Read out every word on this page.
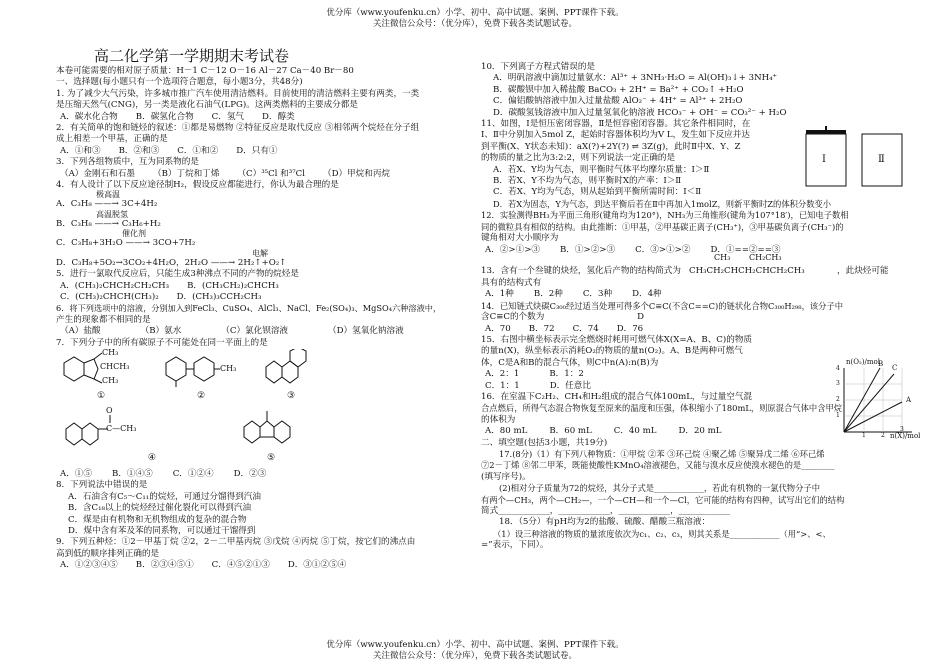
优分库（www.youfenku.cn）小学、初中、高中试题、案例、PPT课件下载。
关注微信公众号：（优分库），免费下载各类试题试卷。

高二化学第一学期期末考试卷

本卷可能需要的相对原子质量：H－1 C－12 O－16 Al－27 Ca－40 Br－80

一、选择题(每小题只有一个选项符合题意，每小题3分，共48分)

1. 为了减少大气污染，许多城市推广汽车使用清洁燃料。目前使用的清洁燃料主要有两类，一类

是压缩天然气(CNG)，另一类是液化石油气(LPG)。这两类燃料的主要成分都是

A．碳水化合物 B．碳氢化合物 C．氢气 D．醇类

2．有关简单的饱和链烃的叙述：①都是易燃物 ②特征反应是取代反应 ③相邻两个烷烃在分子组

成上相差一个甲基，正确的是

A．①和③ B．②和③ C．①和② D．只有①

3．下列各组物质中，互为同系物的是

（A）金刚石和石墨 （B）丁烷和丁烯 （C）³⁵Cl 和³⁷Cl （D）甲烷和丙烷

4．有人设计了以下反应途径制H₂，假设反应都能进行，你认为最合理的是

极高温

A．C₃H₈ ——→ 3C+4H₂

高温脱氢

B．C₃H₈ ——→ C₃H₆+H₂

催化剂

C．C₃H₈+3H₂O ——→ 3CO+7H₂

电解

D．C₃H₈+5O₂→3CO₂+4H₂O，2H₂O ——→ 2H₂↑+O₂↑

5．进行一氯取代反应后，只能生成3种沸点不同的产物的烷烃是

A．(CH₃)₂CHCH₂CH₂CH₃ B．(CH₃CH₂)₂CHCH₃

C．(CH₃)₂CHCH(CH₃)₂ D．(CH₃)₃CCH₂CH₃

6．将下列选项中的溶液，分别加入到FeCl₃、CuSO₄、AlCl₃、NaCl、Fe₂(SO₄)₃、MgSO₄六种溶液中，

产生的现象都不相同的是

（A）盐酸	（B）氨水	（C）氯化钡溶液	（D）氢氧化钠溶液

7．下列分子中的所有碳原子不可能处在同一平面上的是

CH₃
CHCH₃
CH₃
①
CH₃
②	③
O
C—CH₃
④	⑤

A．①⑤ B．①④⑤ C．①②④ D．②③

8．下列说法中错误的是

A．石油含有C₅～C₁₁的烷烃，可通过分馏得到汽油

B．含C₁₈以上的烷烃经过催化裂化可以得到汽油

C．煤是由有机物和无机物组成的复杂的混合物

D．煤中含有苯及苯的同系物，可以通过干馏得到

9．下列五种烃：①2－甲基丁烷 ②2，2－二甲基丙烷 ③戊烷 ④丙烷 ⑤丁烷，按它们的沸点由

高到低的顺序排列正确的是

A．①②③④⑤ B．②③④⑤① C．④⑤②①③ D．③①②⑤④

10．下列离子方程式错误的是

A．明矾溶液中滴加过量氨水：Al³⁺ + 3NH₃·H₂O = Al(OH)₃↓+ 3NH₄⁺

B．碳酸钡中加入稀盐酸 BaCO₃ + 2H⁺ = Ba²⁺ + CO₂↑ +H₂O

C．偏铝酸钠溶液中加入过量盐酸 AlO₂⁻ + 4H⁺ = Al³⁺ + 2H₂O

D．碳酸氢钱溶液中加入过量氢氧化钠溶液 HCO₃⁻ + OH⁻ = CO₃²⁻ + H₂O

11、如图，Ⅰ是恒压密闭容器，Ⅱ是恒容密闭容器。其它条件相同时，在

Ⅰ、Ⅱ中分别加入5mol Z，起始时容器体积均为V L，发生如下反应并达

到平衡(X、Y状态未知)：aX(?)+2Y(?) ⇌ 3Z(g)，此时Ⅱ中X、Y、Z

的物质的量之比为3:2:2，则下列说法一定正确的是

A．若X、Y均为气态，则平衡时气体平均摩尔质量：Ⅰ＞Ⅱ

B．若X、Y不均为气态，则平衡时X的产率：Ⅰ＞Ⅱ

C．若X、Y均为气态，则从起始到平衡所需时间：Ⅰ＜Ⅱ

D．若X为固态，Y为气态，到达平衡后若在Ⅱ中再加入1molZ，则新平衡时Z的体积分数变小

12．实验测得BH₃为平面三角形(键角均为120°)，NH₃为三角锥形(键角为107°18′)，已知电子数相

同的微粒具有相似的结构。由此推断：①甲基，②甲基碳正离子(CH₃⁺)，③甲基碳负离子(CH₃⁻)的

键角相对大小顺序为

A．②>①>③ B．①>②>③ C．③>①>② D．①==②==③

13．含有一个叁键的炔烃，氢化后产物的结构简式为
CH₃ CH₂CH₃
CH₃CH₂CHCH₂CHCH₂CH₃	，此炔烃可能

具有的结构式有

A．1种 B．2种 C．3种 D．4种

14．已知链式炔碳C₃₀₀经过适当处理可得多个C≡C(不含C==C)的链状化合物C₃₀₀H₂₉₈，该分子中

含C≡C的个数为	D

A．70 B．72 C．74 D．76

15．右图中横坐标表示完全燃烧时耗用可燃气体X(X=A、B、C)的物质

的量n(X)，纵坐标表示消耗O₂的物质的量n(O₂)。A、B是两种可燃气

体，C是A和B的混合气体，则C中n(A):n(B)为

A．2：1	B．1：2

C．1：1	D．任意比

16．在室温下C₂H₂、CH₄和H₂组成的混合气体100mL，与过量空气混

合点燃后，所得气态混合物恢复至原来的温度和压强，体积缩小了180mL，则原混合气体中含甲烷

的体积为

A．80 mL	B．60 mL	C．40 mL	D．20 mL

二、填空题(包括3小题，共19分)

17.(8分)（1）有下列八种物质：①甲烷 ②苯 ③环己烷 ④聚乙烯 ⑤聚异戊二烯 ⑥环己烯

⑦2－丁烯 ⑧邻二甲苯，既能使酸性KMnO₄溶液褪色，又能与溴水反应使溴水褪色的是________

(填写序号)。

(2)相对分子质量为72的烷烃，其分子式是____________，若此有机物的一氯代物分子中

有两个—CH₃，两个—CH₂—，一个—CH—和一个—Cl，它可能的结构有四种，试写出它们的结构

简式____________，____________，____________，____________

18．（5分）有pH均为2的盐酸、硫酸、醋酸三瓶溶液：

（1）设三种溶液的物质的量浓度依次为c₁、c₂、c₃，则其关系是____________（用“>、<、

=”表示，下同）。

Ⅰ	Ⅱ
n(O₂)/mol
n(X)/mol
C
B
A
4
3
2
1
1	2
3
优分库（www.youfenku.cn）小学、初中、高中试题、案例、PPT课件下载。
关注微信公众号：（优分库），免费下载各类试题试卷。
